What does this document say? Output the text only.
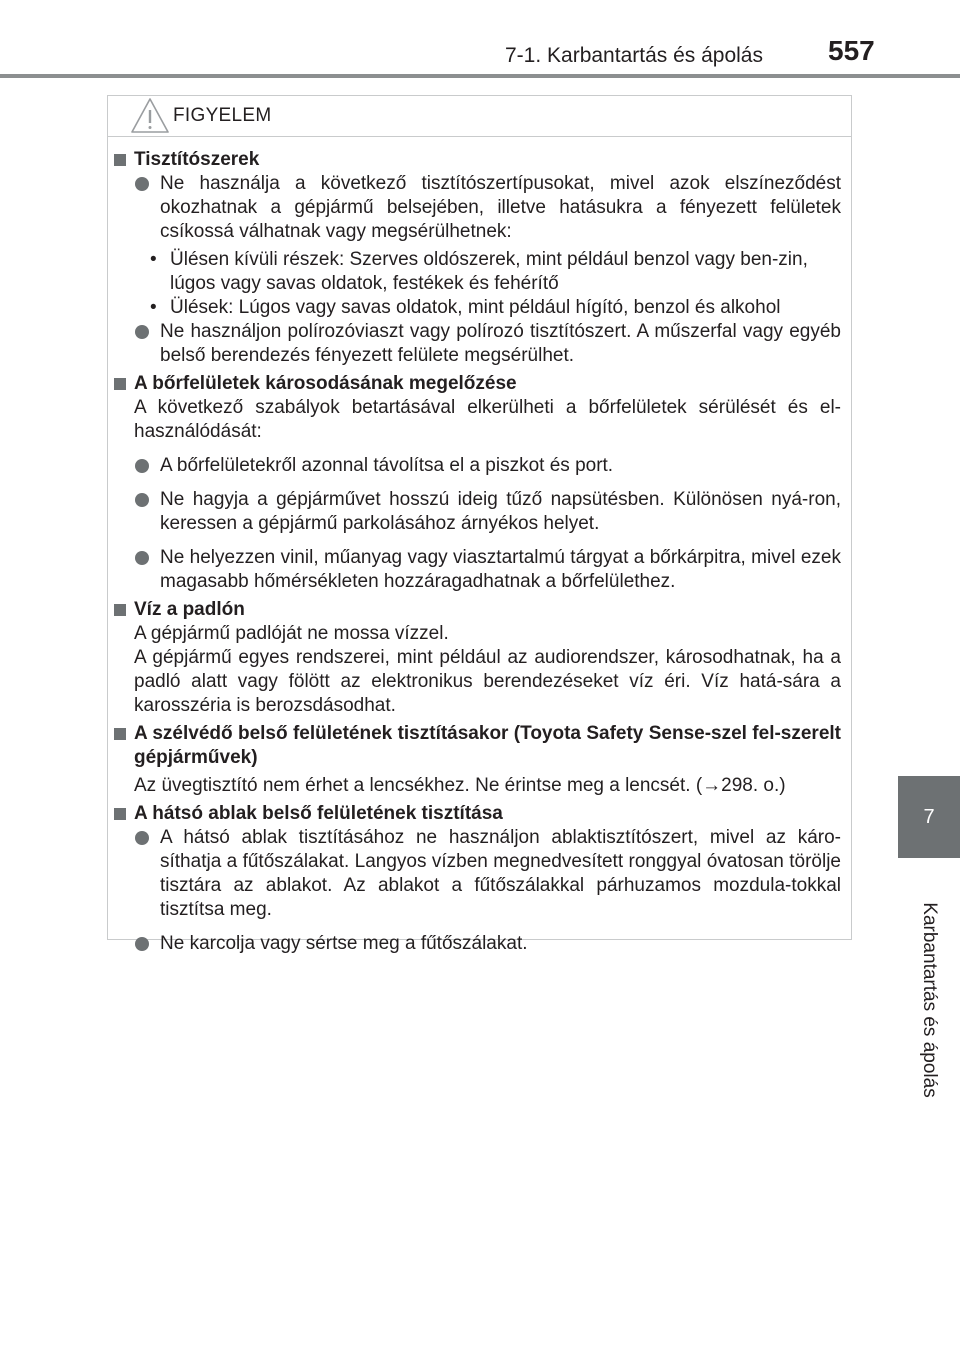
7-1. Karbantartás és ápolás 557
7
Karbantartás és ápolás
FIGYELEM
Tisztítószerek
Ne használja a következő tisztítószertípusokat, mivel azok elszíneződést okozhatnak a gépjármű belsejében, illetve hatásukra a fényezett felületek csíkossá válhatnak vagy megsérülhetnek:
• Ülésen kívüli részek: Szerves oldószerek, mint például benzol vagy ben-zin, lúgos vagy savas oldatok, festékek és fehérítő
• Ülések: Lúgos vagy savas oldatok, mint például hígító, benzol és alkohol
Ne használjon polírozóviaszt vagy polírozó tisztítószert. A műszerfal vagy egyéb belső berendezés fényezett felülete megsérülhet.
A bőrfelületek károsodásának megelőzése
A következő szabályok betartásával elkerülheti a bőrfelületek sérülését és el-használódását:
A bőrfelületekről azonnal távolítsa el a piszkot és port.
Ne hagyja a gépjárművet hosszú ideig tűző napsütésben. Különösen nyá-ron, keressen a gépjármű parkolásához árnyékos helyet.
Ne helyezzen vinil, műanyag vagy viasztartalmú tárgyat a bőrkárpitra, mivel ezek magasabb hőmérsékleten hozzáragadhatnak a bőrfelülethez.
Víz a padlón
A gépjármű padlóját ne mossa vízzel.
A gépjármű egyes rendszerei, mint például az audiorendszer, károsodhatnak, ha a padló alatt vagy fölött az elektronikus berendezéseket víz éri. Víz hatá-sára a karosszéria is berozsdásodhat.
A szélvédő belső felületének tisztításakor (Toyota Safety Sense-szel fel-szerelt gépjárművek)
Az üvegtisztító nem érhet a lencsékhez. Ne érintse meg a lencsét. (→298. o.)
A hátsó ablak belső felületének tisztítása
A hátsó ablak tisztításához ne használjon ablaktisztítószert, mivel az káro-síthatja a fűtőszálakat. Langyos vízben megnedvesített ronggyal óvatosan törölje tisztára az ablakot. Az ablakot a fűtőszálakkal párhuzamos mozdula-tokkal tisztítsa meg.
Ne karcolja vagy sértse meg a fűtőszálakat.
